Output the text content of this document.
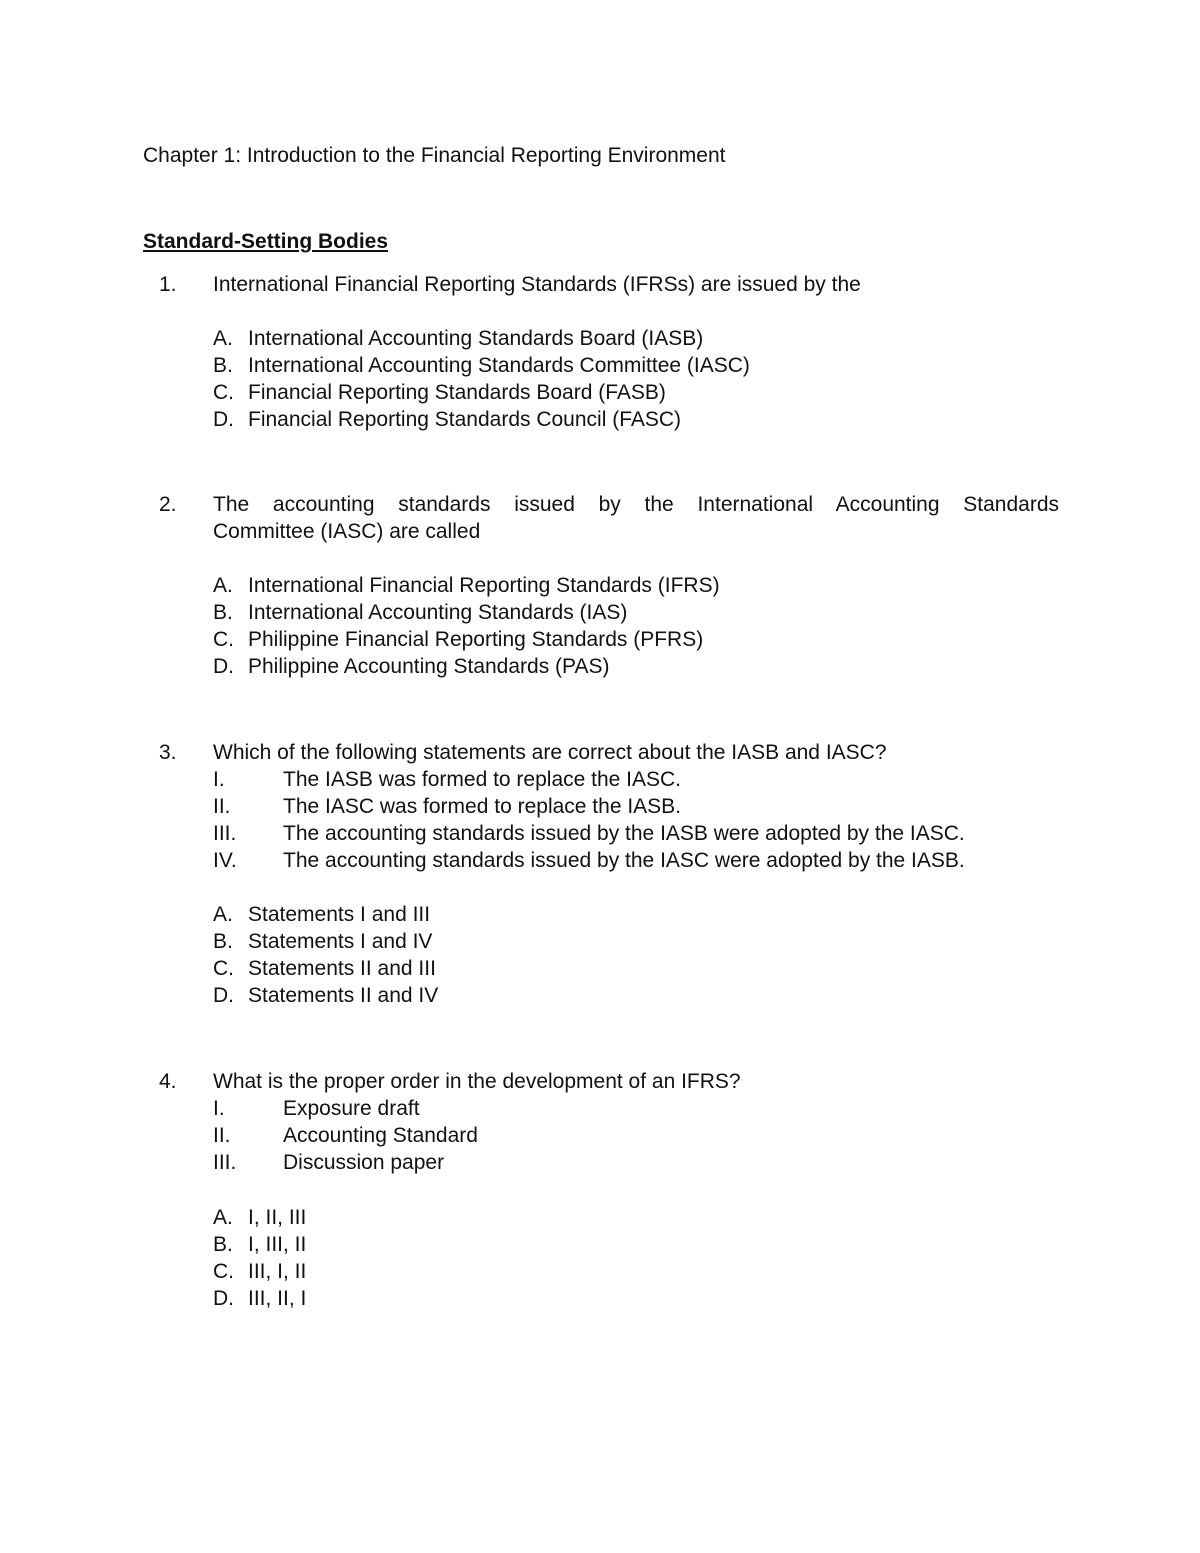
Chapter 1: Introduction to the Financial Reporting Environment
Standard-Setting Bodies
1. International Financial Reporting Standards (IFRSs) are issued by the
A. International Accounting Standards Board (IASB)
B. International Accounting Standards Committee (IASC)
C. Financial Reporting Standards Board (FASB)
D. Financial Reporting Standards Council (FASC)
2. The accounting standards issued by the International Accounting Standards
Committee (IASC) are called
A. International Financial Reporting Standards (IFRS)
B. International Accounting Standards (IAS)
C. Philippine Financial Reporting Standards (PFRS)
D. Philippine Accounting Standards (PAS)
3. Which of the following statements are correct about the IASB and IASC?
I.	The IASB was formed to replace the IASC.
II. The IASC was formed to replace the IASB.
III. The accounting standards issued by the IASB were adopted by the IASC.
IV. The accounting standards issued by the IASC were adopted by the IASB.
A. Statements I and III
B. Statements I and IV
C. Statements II and III
D. Statements II and IV
4. What is the proper order in the development of an IFRS?
I.	Exposure draft
II. Accounting Standard
III. Discussion paper
A. I, II, III
B. I, III, II
C. III, I, II
D. III, II, I
